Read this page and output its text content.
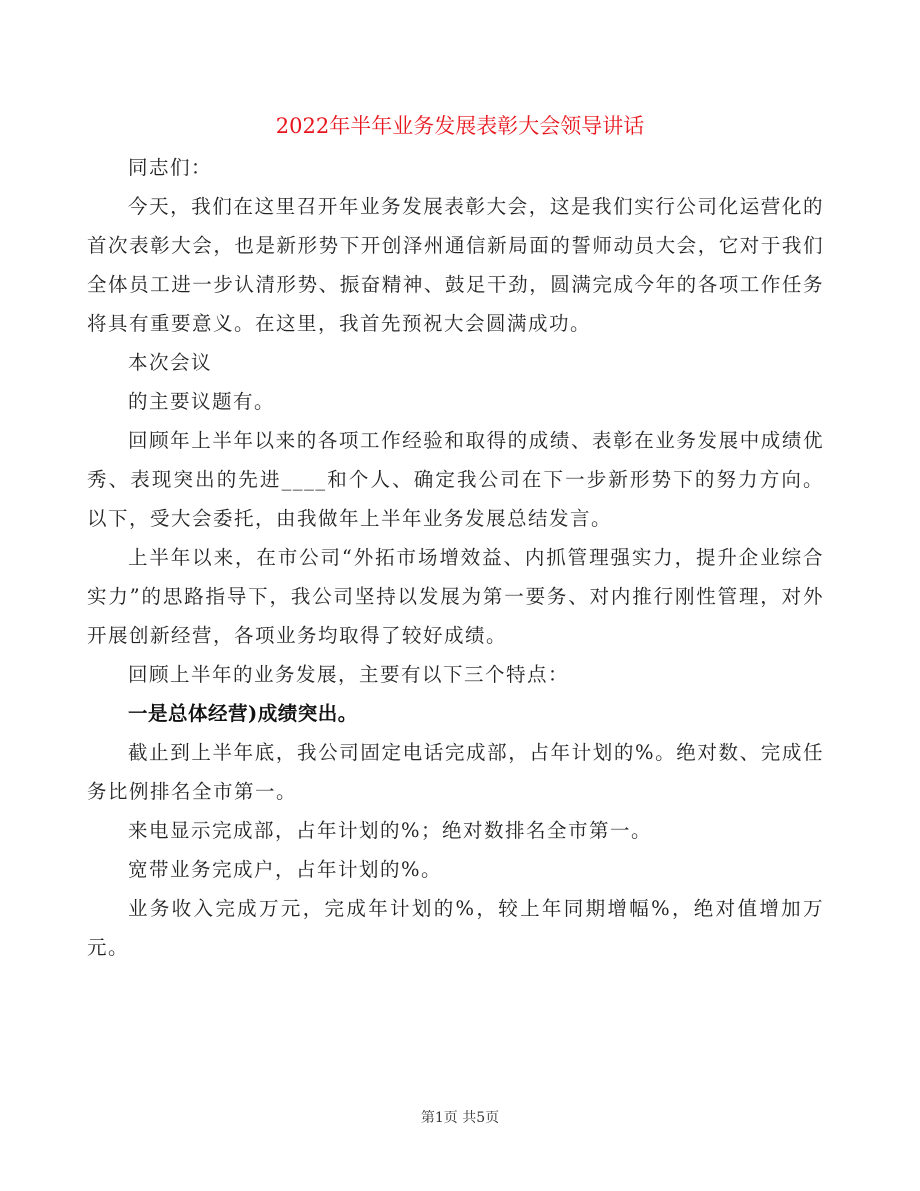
2022年半年业务发展表彰大会领导讲话

同志们：

今天，我们在这里召开年业务发展表彰大会，这是我们实行公司化运营化的首次表彰大会，也是新形势下开创泽州通信新局面的誓师动员大会，它对于我们全体员工进一步认清形势、振奋精神、鼓足干劲，圆满完成今年的各项工作任务将具有重要意义。在这里，我首先预祝大会圆满成功。

本次会议

的主要议题有。

回顾年上半年以来的各项工作经验和取得的成绩、表彰在业务发展中成绩优秀、表现突出的先进____和个人、确定我公司在下一步新形势下的努力方向。以下，受大会委托，由我做年上半年业务发展总结发言。

上半年以来，在市公司“外拓市场增效益、内抓管理强实力，提升企业综合实力”的思路指导下，我公司坚持以发展为第一要务、对内推行刚性管理，对外开展创新经营，各项业务均取得了较好成绩。

回顾上半年的业务发展，主要有以下三个特点：

一是总体经营)成绩突出。

截止到上半年底，我公司固定电话完成部，占年计划的%。绝对数、完成任务比例排名全市第一。

来电显示完成部，占年计划的%；绝对数排名全市第一。

宽带业务完成户，占年计划的%。

业务收入完成万元，完成年计划的%，较上年同期增幅%，绝对值增加万元。

第1页 共5页
